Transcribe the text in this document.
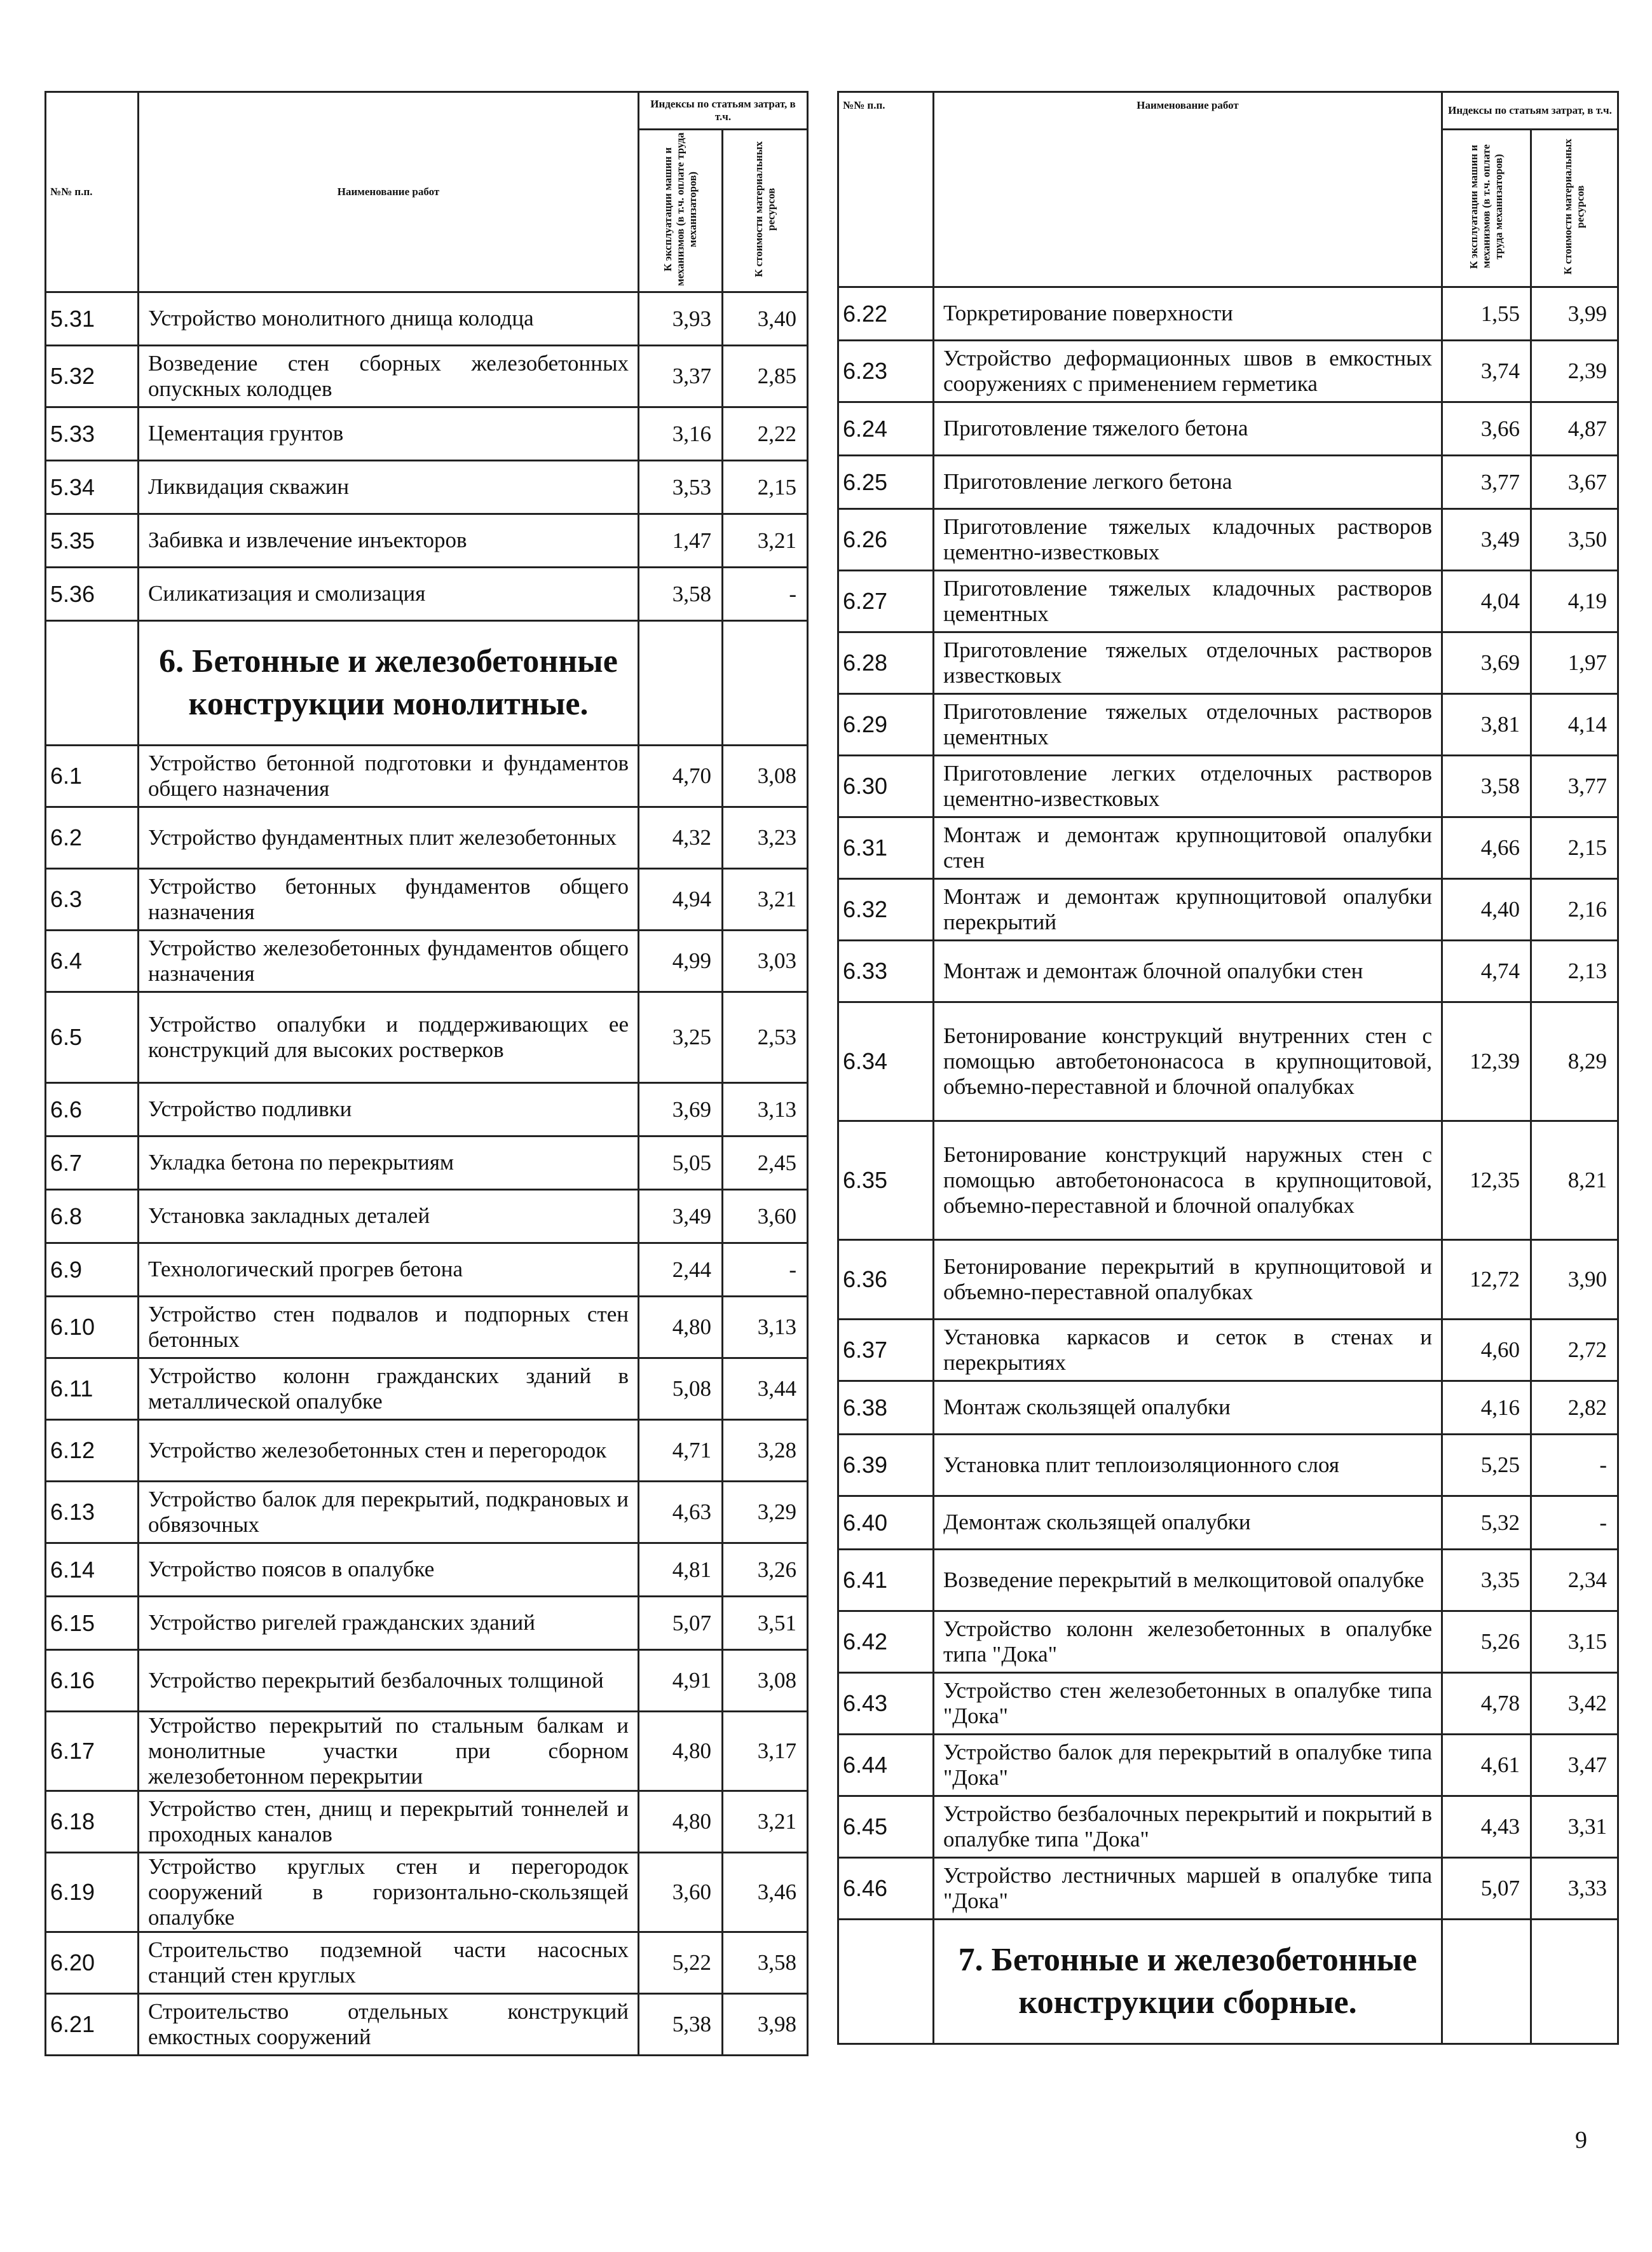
№№ п.п.	Наименование работ	Индексы по статьям затрат, в т.ч.	
		К эксплуатации машин и механизмов (в т.ч. оплате труда механизаторов)	К стоимости материальных ресурсов
5.31	Устройство монолитного днища колодца	3,93	3,40
5.32	Возведение стен сборных железобетонных опускных колодцев	3,37	2,85
5.33	Цементация грунтов	3,16	2,22
5.34	Ликвидация скважин	3,53	2,15
5.35	Забивка и извлечение инъекторов	1,47	3,21
5.36	Силикатизация и смолизация	3,58	-
	6. Бетонные и железобетонные конструкции монолитные.		
6.1	Устройство бетонной подготовки и фундаментов общего назначения	4,70	3,08
6.2	Устройство фундаментных плит железобетонных	4,32	3,23
6.3	Устройство бетонных фундаментов общего назначения	4,94	3,21
6.4	Устройство железобетонных фундаментов общего назначения	4,99	3,03
6.5	Устройство опалубки и поддерживающих ее конструкций для высоких ростверков	3,25	2,53
6.6	Устройство подливки	3,69	3,13
6.7	Укладка бетона по перекрытиям	5,05	2,45
6.8	Установка закладных деталей	3,49	3,60
6.9	Технологический прогрев бетона	2,44	-
6.10	Устройство стен подвалов и подпорных стен бетонных	4,80	3,13
6.11	Устройство колонн гражданских зданий в металлической опалубке	5,08	3,44
6.12	Устройство железобетонных стен и перегородок	4,71	3,28
6.13	Устройство балок для перекрытий, подкрановых и обвязочных	4,63	3,29
6.14	Устройство поясов в опалубке	4,81	3,26
6.15	Устройство ригелей гражданских зданий	5,07	3,51
6.16	Устройство перекрытий безбалочных толщиной	4,91	3,08
6.17	Устройство перекрытий по стальным балкам и монолитные участки при сборном железобетонном перекрытии	4,80	3,17
6.18	Устройство стен, днищ и перекрытий тоннелей и проходных каналов	4,80	3,21
6.19	Устройство круглых стен и перегородок сооружений в горизонтально-скользящей опалубке	3,60	3,46
6.20	Строительство подземной части насосных станций стен круглых	5,22	3,58
6.21	Строительство отдельных конструкций емкостных сооружений	5,38	3,98
№№ п.п.	Наименование работ	Индексы по статьям затрат, в т.ч.	
		К эксплуатации машин и механизмов (в т.ч. оплате труда механизаторов)	К стоимости материальных ресурсов
6.22	Торкретирование поверхности	1,55	3,99
6.23	Устройство деформационных швов в емкостных сооружениях с применением герметика	3,74	2,39
6.24	Приготовление тяжелого бетона	3,66	4,87
6.25	Приготовление легкого бетона	3,77	3,67
6.26	Приготовление тяжелых кладочных растворов цементно-известковых	3,49	3,50
6.27	Приготовление тяжелых кладочных растворов цементных	4,04	4,19
6.28	Приготовление тяжелых отделочных растворов известковых	3,69	1,97
6.29	Приготовление тяжелых отделочных растворов цементных	3,81	4,14
6.30	Приготовление легких отделочных растворов цементно-известковых	3,58	3,77
6.31	Монтаж и демонтаж крупнощитовой опалубки стен	4,66	2,15
6.32	Монтаж и демонтаж крупнощитовой опалубки перекрытий	4,40	2,16
6.33	Монтаж и демонтаж блочной опалубки стен	4,74	2,13
6.34	Бетонирование конструкций внутренних стен с помощью автобетононасоса в крупнощитовой, объемно-переставной и блочной опалубках	12,39	8,29
6.35	Бетонирование конструкций наружных стен с помощью автобетононасоса в крупнощитовой, объемно-переставной и блочной опалубках	12,35	8,21
6.36	Бетонирование перекрытий в крупнощитовой и объемно-переставной опалубках	12,72	3,90
6.37	Установка каркасов и сеток в стенах и перекрытиях	4,60	2,72
6.38	Монтаж скользящей опалубки	4,16	2,82
6.39	Установка плит теплоизоляционного слоя	5,25	-
6.40	Демонтаж скользящей опалубки	5,32	-
6.41	Возведение перекрытий в мелкощитовой опалубке	3,35	2,34
6.42	Устройство колонн железобетонных в опалубке типа "Дока"	5,26	3,15
6.43	Устройство стен железобетонных в опалубке типа "Дока"	4,78	3,42
6.44	Устройство балок для перекрытий в опалубке типа "Дока"	4,61	3,47
6.45	Устройство безбалочных перекрытий и покрытий в опалубке типа "Дока"	4,43	3,31
6.46	Устройство лестничных маршей в опалубке типа "Дока"	5,07	3,33
	7. Бетонные и железобетонные конструкции сборные.		
9
